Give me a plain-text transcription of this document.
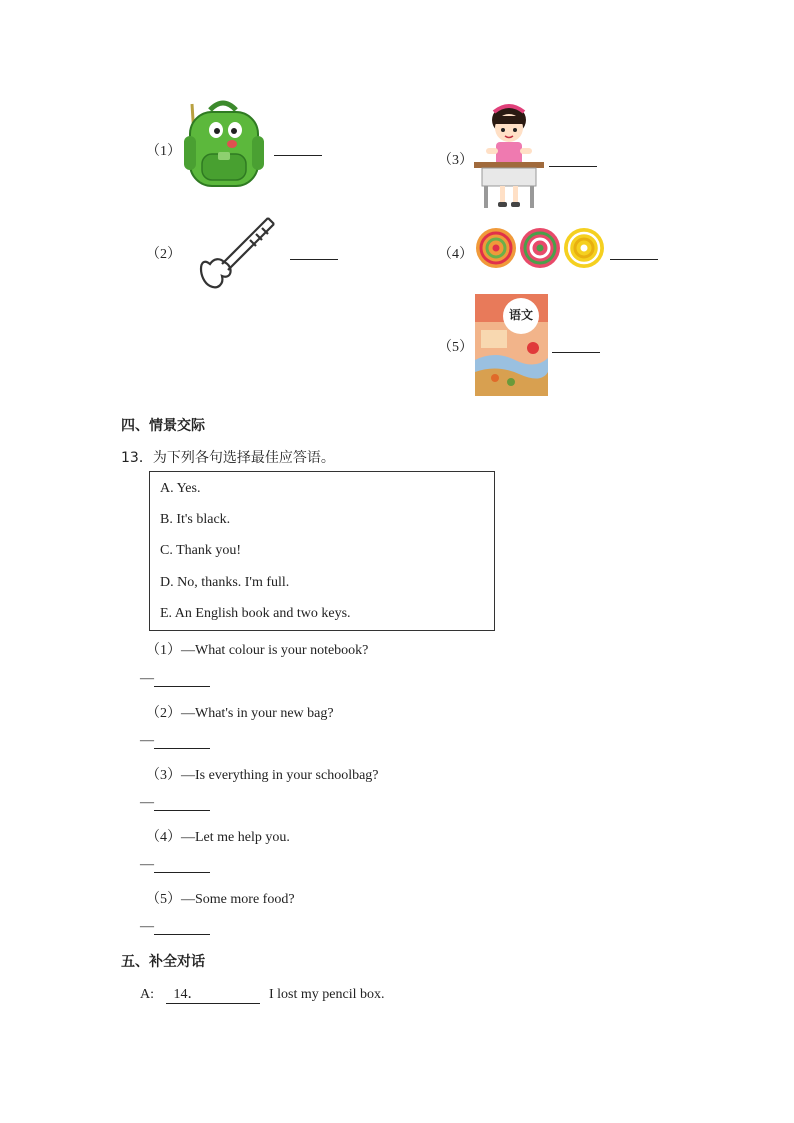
（1）
（2）
（3）
（4）
（5）
语文
四、情景交际
13．为下列各句选择最佳应答语。
A. Yes.
B. It's black.
C. Thank you!
D. No, thanks. I'm full.
E. An English book and two keys.
（1）—What colour is your notebook?
—
（2）—What's in your new bag?
—
（3）—Is everything in your schoolbag?
—
（4）—Let me help you.
—
（5）—Some more food?
—
五、补全对话
A: 14．	I lost my pencil box.
